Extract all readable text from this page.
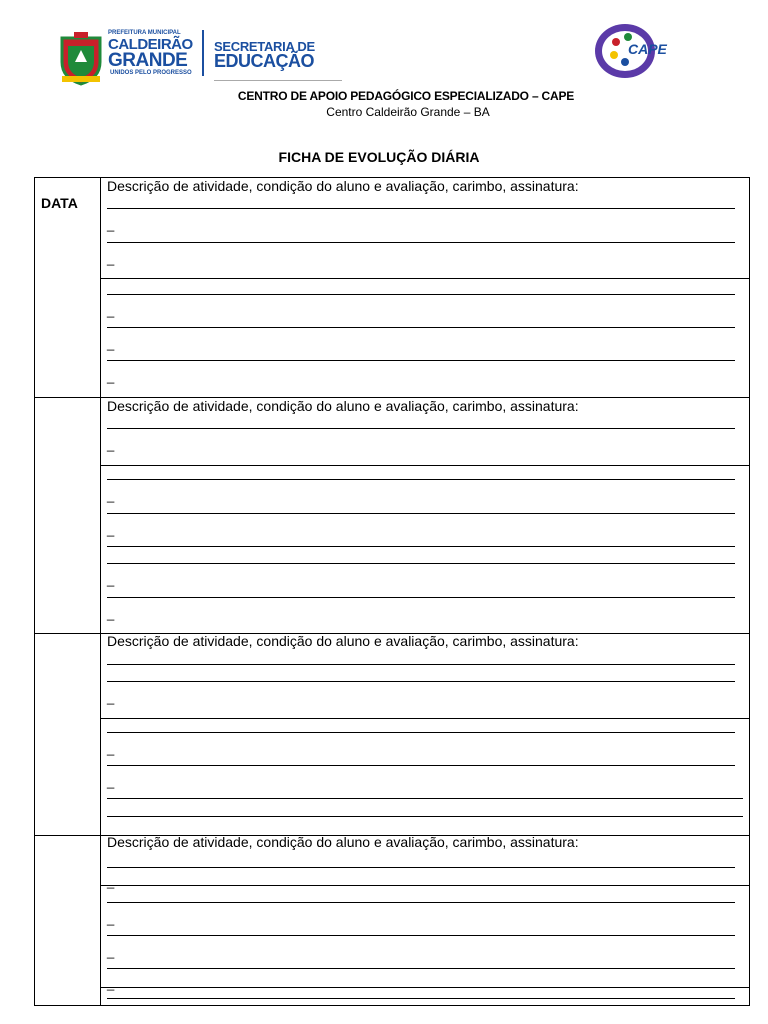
PREFEITURA MUNICIPAL
CALDEIRÃO
GRANDE
UNIDOS PELO PROGRESSO
SECRETARIA DE
EDUCAÇÃO
CAPE
CENTRO DE APOIO PEDAGÓGICO ESPECIALIZADO – CAPE
Centro Caldeirão Grande – BA
FICHA DE EVOLUÇÃO DIÁRIA
DATA
Descrição de atividade, condição do aluno e avaliação, carimbo, assinatura:
_
_
_
_
_
Descrição de atividade, condição do aluno e avaliação, carimbo, assinatura:
_
_
_
_
_
Descrição de atividade, condição do aluno e avaliação, carimbo, assinatura:
_
_
_
Descrição de atividade, condição do aluno e avaliação, carimbo, assinatura:
_
_
_
_
